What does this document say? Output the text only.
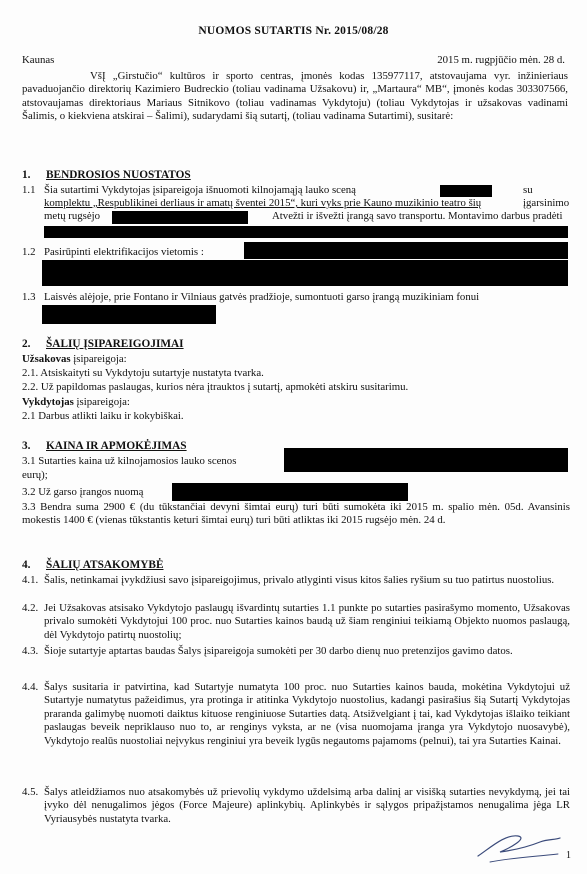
NUOMOS SUTARTIS Nr. 2015/08/28
Kaunas	2015 m. rugpjūčio mėn. 28 d.
VšĮ „Girstučio“ kultūros ir sporto centras, įmonės kodas 135977117, atstovaujama vyr. inžinieriaus pavaduojančio direktorių Kazimiero Budreckio (toliau vadinama Užsakovu) ir, „Martaura“ MB“, įmonės kodas 303307566, atstovaujamas direktoriaus Mariaus Sitnikovo (toliau vadinamas Vykdytoju) (toliau Vykdytojas ir užsakovas vadinami Šalimis, o kiekviena atskirai – Šalimi), sudarydami šią sutartį, (toliau vadinama Sutartimi), susitarė:
1. BENDROSIOS NUOSTATOS
1.1 Šia sutartimi Vykdytojas įsipareigoja išnuomoti kilnojamąją lauko sceną	su įgarsinimo
komplektu „Respublikinei derliaus ir amatų šventei 2015“, kuri vyks prie Kauno muzikinio teatro šių
metų rugsėjo	Atvežti ir išvežti įrangą savo transportu. Montavimo darbus pradėti
1.2 Pasirūpinti elektrifikacijos vietomis :
1.3 Laisvės alėjoje, prie Fontano ir Vilniaus gatvės pradžioje, sumontuoti garso įrangą muzikiniam fonui
2. ŠALIŲ ĮSIPAREIGOJIMAI
Užsakovas įsipareigoja:
2.1. Atsiskaityti su Vykdytoju sutartyje nustatyta tvarka.
2.2. Už papildomas paslaugas, kurios nėra įtrauktos į sutartį, apmokėti atskiru susitarimu.
Vykdytojas įsipareigoja:
2.1 Darbus atlikti laiku ir kokybiškai.
3. KAINA IR APMOKĖJIMAS
3.1 Sutarties kaina už kilnojamosios lauko scenos
eurų);
3.2 Už garso įrangos nuomą
3.3 Bendra suma 2900 € (du tūkstančiai devyni šimtai eurų) turi būti sumokėta iki 2015 m. spalio mėn. 05d. Avansinis mokestis 1400 € (vienas tūkstantis keturi šimtai eurų) turi būti atliktas iki 2015 rugsėjo mėn. 24 d.
4. ŠALIŲ ATSAKOMYBĖ
4.1. Šalis, netinkamai įvykdžiusi savo įsipareigojimus, privalo atlyginti visus kitos šalies ryšium su tuo patirtus nuostolius.
4.2. Jei Užsakovas atsisako Vykdytojo paslaugų išvardintų sutarties 1.1 punkte po sutarties pasirašymo momento, Užsakovas privalo sumokėti Vykdytojui 100 proc. nuo Sutarties kainos baudą už šiam renginiui teikiamą Objekto nuomos paslaugą, dėl Vykdytojo patirtų nuostolių;
4.3. Šioje sutartyje aptartas baudas Šalys įsipareigoja sumokėti per 30 darbo dienų nuo pretenzijos gavimo datos.
4.4. Šalys susitaria ir patvirtina, kad Sutartyje numatyta 100 proc. nuo Sutarties kainos bauda, mokėtina Vykdytojui už Sutartyje numatytus pažeidimus, yra protinga ir atitinka Vykdytojo nuostolius, kadangi pasirašius šią Sutartį Vykdytojas praranda galimybę nuomoti daiktus kituose renginiuose Sutarties datą. Atsižvelgiant į tai, kad Vykdytojas išlaiko teikiant paslaugas beveik nepriklauso nuo to, ar renginys vyksta, ar ne (visa nuomojama įranga yra Vykdytojo nuosavybė), Vykdytojo realūs nuostoliai neįvykus renginiui yra beveik lygūs negautoms pajamoms (pelnui), tai yra Sutarties Kainai.
4.5. Šalys atleidžiamos nuo atsakomybės už prievolių vykdymo uždelsimą arba dalinį ar visišką sutarties nevykdymą, jei tai įvyko dėl nenugalimos jėgos (Force Majeure) aplinkybių. Aplinkybės ir sąlygos pripažįstamos nenugalima jėga LR Vyriausybės nustatyta tvarka.
1
